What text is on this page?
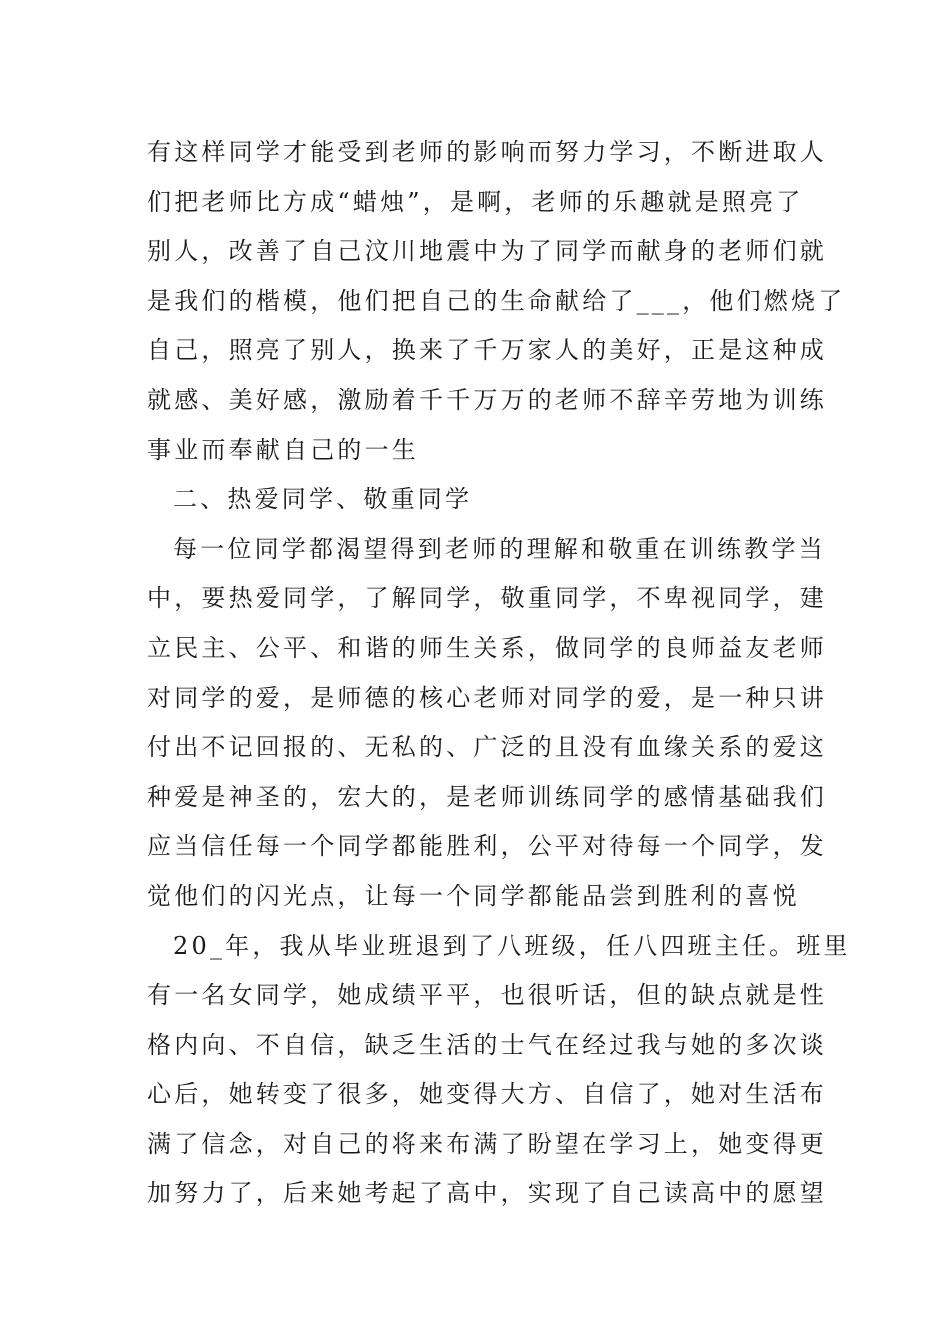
有这样同学才能受到老师的影响而努力学习，不断进取人
们把老师比方成“蜡烛”，是啊，老师的乐趣就是照亮了
别人，改善了自己汶川地震中为了同学而献身的老师们就
是我们的楷模，他们把自己的生命献给了___，他们燃烧了
自己，照亮了别人，换来了千万家人的美好，正是这种成
就感、美好感，激励着千千万万的老师不辞辛劳地为训练
事业而奉献自己的一生
二、热爱同学、敬重同学
每一位同学都渴望得到老师的理解和敬重在训练教学当
中，要热爱同学，了解同学，敬重同学，不卑视同学，建
立民主、公平、和谐的师生关系，做同学的良师益友老师
对同学的爱，是师德的核心老师对同学的爱，是一种只讲
付出不记回报的、无私的、广泛的且没有血缘关系的爱这
种爱是神圣的，宏大的，是老师训练同学的感情基础我们
应当信任每一个同学都能胜利，公平对待每一个同学，发
觉他们的闪光点，让每一个同学都能品尝到胜利的喜悦
20_年，我从毕业班退到了八班级，任八四班主任。班里
有一名女同学，她成绩平平，也很听话，但的缺点就是性
格内向、不自信，缺乏生活的士气在经过我与她的多次谈
心后，她转变了很多，她变得大方、自信了，她对生活布
满了信念，对自己的将来布满了盼望在学习上，她变得更
加努力了，后来她考起了高中，实现了自己读高中的愿望
